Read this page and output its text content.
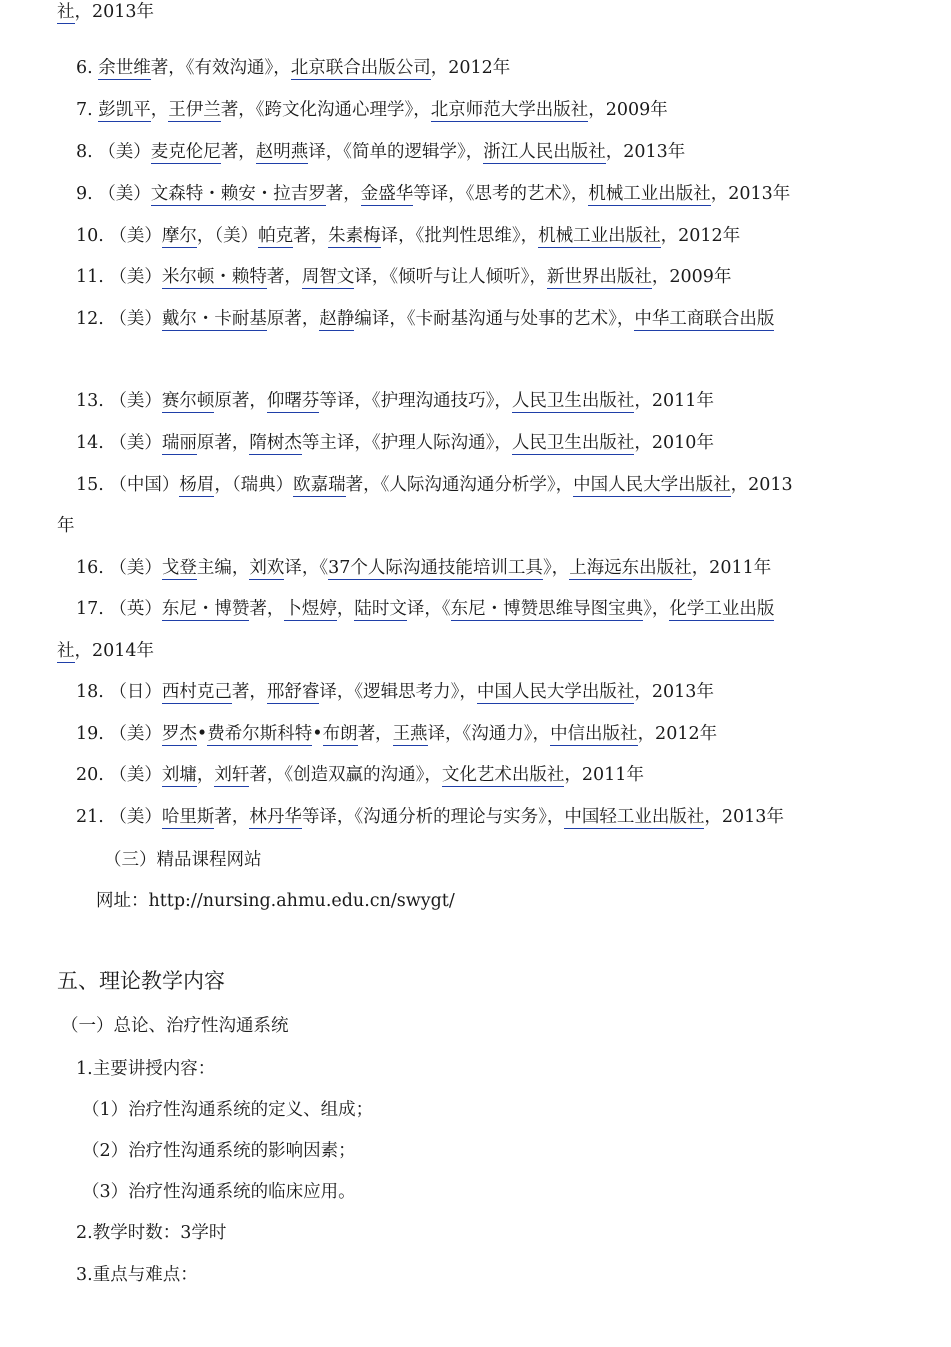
6. 余世维著，《有效沟通》，北京联合出版公司，2012年
7. 彭凯平，王伊兰著，《跨文化沟通心理学》，北京师范大学出版社，2009年
8. （美）麦克伦尼著，赵明燕译，《简单的逻辑学》，浙江人民出版社，2013年
9. （美）文森特・赖安・拉吉罗著，金盛华等译，《思考的艺术》，机械工业出版社，2013年
10. （美）摩尔，（美）帕克著，朱素梅译，《批判性思维》，机械工业出版社，2012年
11. （美）米尔顿・赖特著，周智文译，《倾听与让人倾听》，新世界出版社，2009年
12. （美）戴尔・卡耐基原著，赵静编译，《卡耐基沟通与处事的艺术》，中华工商联合出版
社，2013年
13. （美）赛尔顿原著，仰曙芬等译，《护理沟通技巧》，人民卫生出版社，2011年
14. （美）瑞丽原著，隋树杰等主译，《护理人际沟通》，人民卫生出版社，2010年
15. （中国）杨眉，（瑞典）欧嘉瑞著，《人际沟通沟通分析学》，中国人民大学出版社，2013
年
16. （美）戈登主编，刘欢译，《37个人际沟通技能培训工具》，上海远东出版社，2011年
17. （英）东尼・博赞著，卜煜婷，陆时文译，《东尼・博赞思维导图宝典》，化学工业出版
社，2014年
18. （日）西村克己著，邢舒睿译，《逻辑思考力》，中国人民大学出版社，2013年
19. （美）罗杰•费希尔斯科特•布朗著，王燕译，《沟通力》，中信出版社，2012年
20. （美）刘墉，刘轩著，《创造双赢的沟通》，文化艺术出版社，2011年
21. （美）哈里斯著，林丹华等译，《沟通分析的理论与实务》，中国轻工业出版社，2013年
（三）精品课程网站
网址：http://nursing.ahmu.edu.cn/swygt/
五、理论教学内容
（一）总论、治疗性沟通系统
1.主要讲授内容：
（1）治疗性沟通系统的定义、组成；
（2）治疗性沟通系统的影响因素；
（3）治疗性沟通系统的临床应用。
2.教学时数：3学时
3.重点与难点：
